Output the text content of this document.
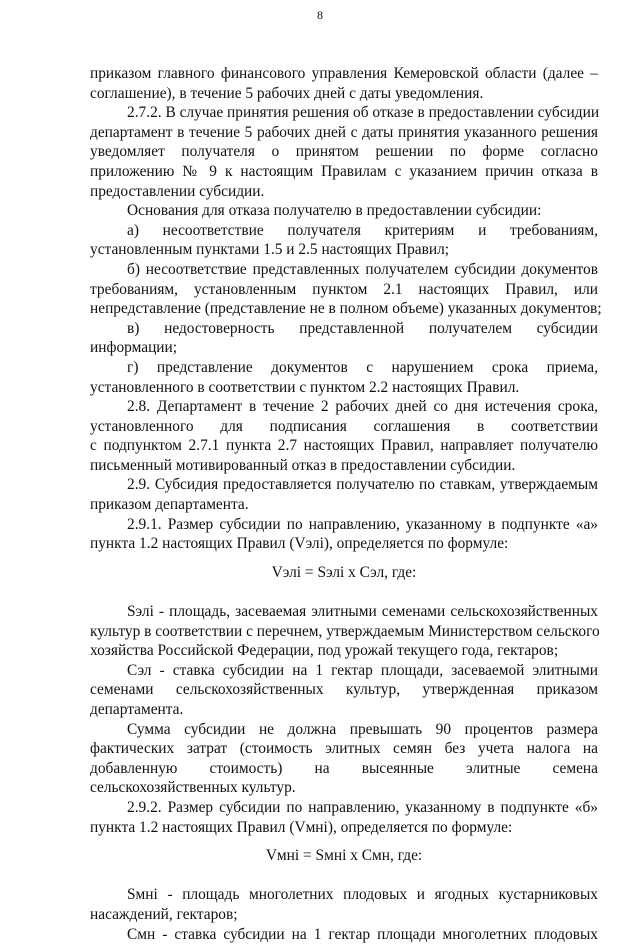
8
приказом главного финансового управления Кемеровской области (далее –
соглашение), в течение 5 рабочих дней с даты уведомления.
2.7.2. В случае принятия решения об отказе в предоставлении субсидии
департамент в течение 5 рабочих дней с даты принятия указанного решения
уведомляет получателя о принятом решении по форме согласно
приложению № 9 к настоящим Правилам с указанием причин отказа в
предоставлении субсидии.
Основания для отказа получателю в предоставлении субсидии:
а) несоответствие получателя критериям и требованиям,
установленным пунктами 1.5 и 2.5 настоящих Правил;
б) несоответствие представленных получателем субсидии документов
требованиям, установленным пунктом 2.1 настоящих Правил, или
непредставление (представление не в полном объеме) указанных документов;
в) недостоверность представленной получателем субсидии
информации;
г) представление документов с нарушением срока приема,
установленного в соответствии с пунктом 2.2 настоящих Правил.
2.8. Департамент в течение 2 рабочих дней со дня истечения срока,
установленного для подписания соглашения в соответствии
с подпунктом 2.7.1 пункта 2.7 настоящих Правил, направляет получателю
письменный мотивированный отказ в предоставлении субсидии.
2.9. Субсидия предоставляется получателю по ставкам, утверждаемым
приказом департамента.
2.9.1. Размер субсидии по направлению, указанному в подпункте «а»
пункта 1.2 настоящих Правил (Vэлі), определяется по формуле:
Vэлі = Sэлі х Сэл, где:
Sэлі - площадь, засеваемая элитными семенами сельскохозяйственных
культур в соответствии с перечнем, утверждаемым Министерством сельского
хозяйства Российской Федерации, под урожай текущего года, гектаров;
Сэл - ставка субсидии на 1 гектар площади, засеваемой элитными
семенами сельскохозяйственных культур, утвержденная приказом
департамента.
Сумма субсидии не должна превышать 90 процентов размера
фактических затрат (стоимость элитных семян без учета налога на
добавленную стоимость) на высеянные элитные семена
сельскохозяйственных культур.
2.9.2. Размер субсидии по направлению, указанному в подпункте «б»
пункта 1.2 настоящих Правил (Vмні), определяется по формуле:
Vмні = Sмні х Смн, где:
Sмні - площадь многолетних плодовых и ягодных кустарниковых
насаждений, гектаров;
Смн - ставка субсидии на 1 гектар площади многолетних плодовых
